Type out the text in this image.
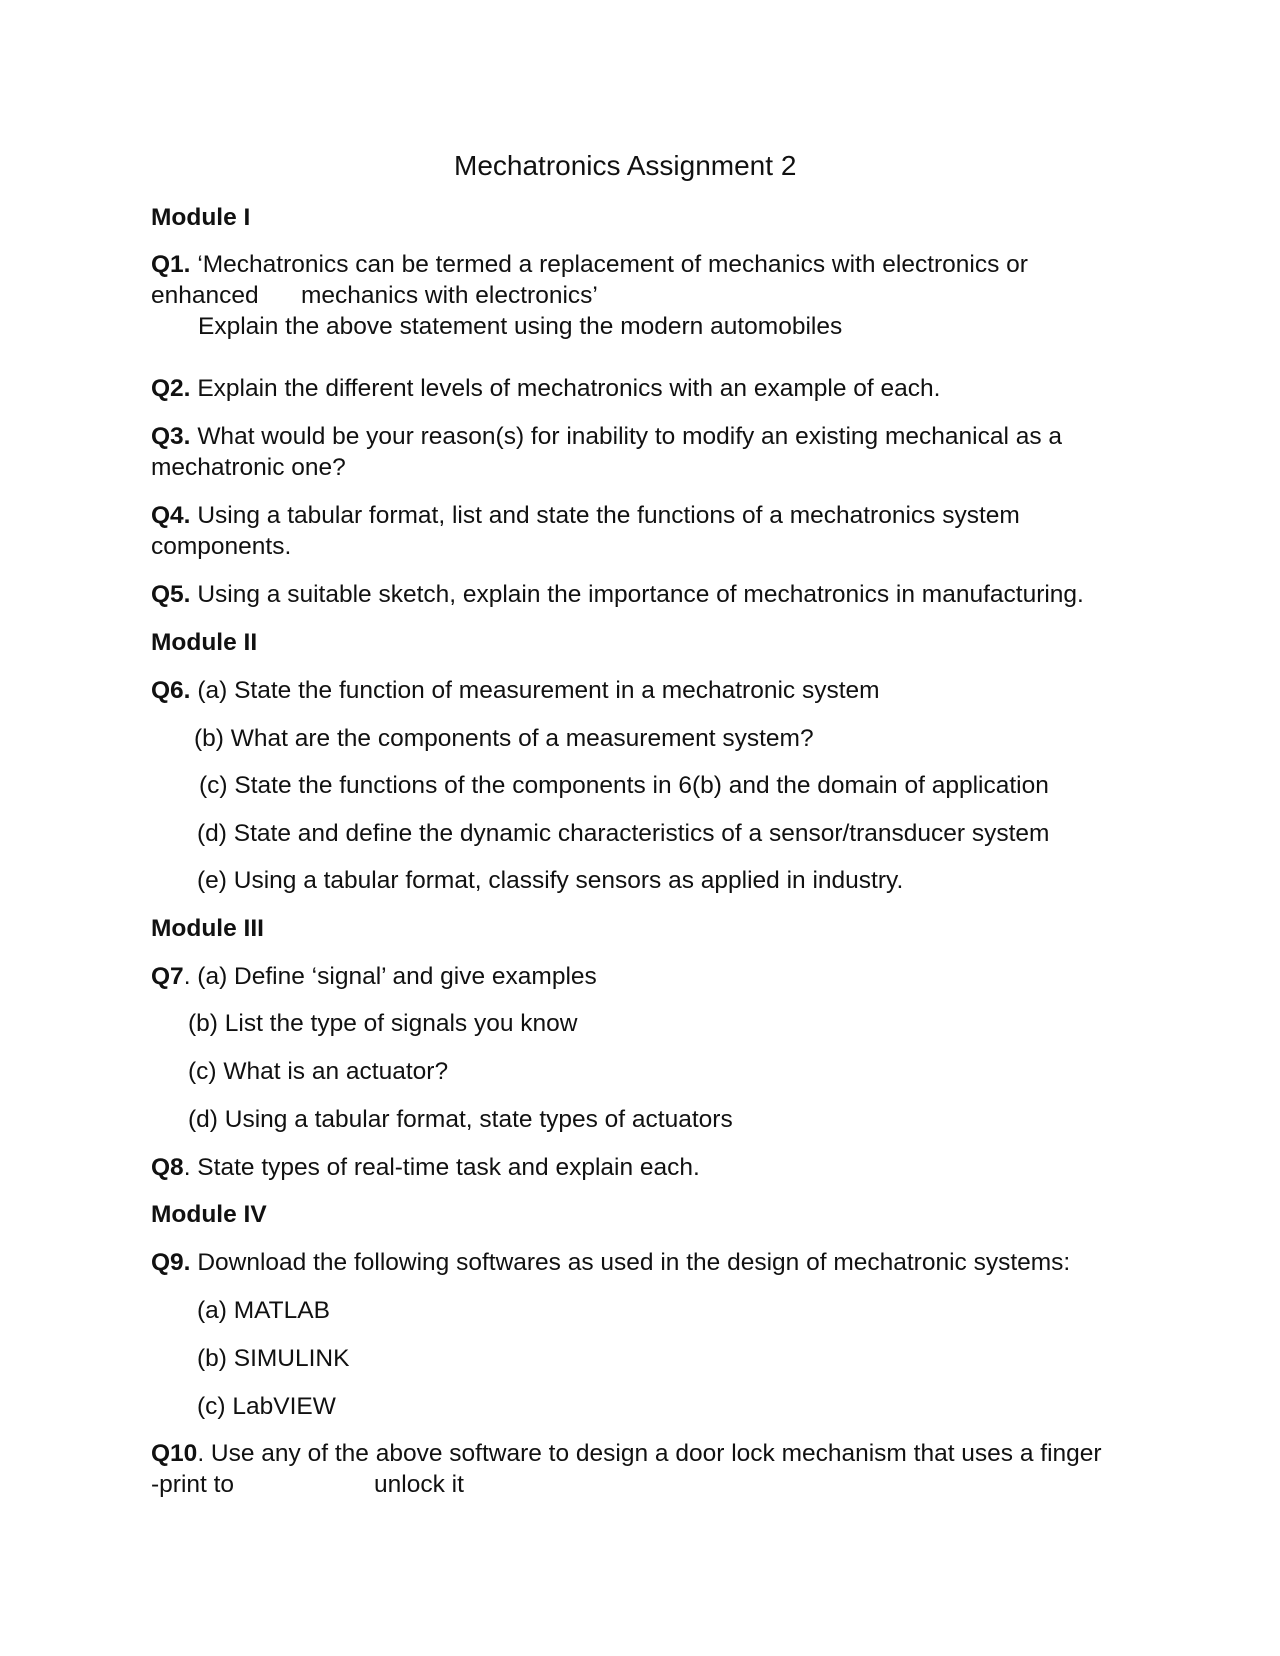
Mechatronics Assignment 2
Module I
Q1. ‘Mechatronics can be termed a replacement of mechanics with electronics or
enhanced mechanics with electronics’
Explain the above statement using the modern automobiles
Q2. Explain the different levels of mechatronics with an example of each.
Q3. What would be your reason(s) for inability to modify an existing mechanical as a
mechatronic one?
Q4. Using a tabular format, list and state the functions of a mechatronics system
components.
Q5. Using a suitable sketch, explain the importance of mechatronics in manufacturing.
Module II
Q6. (a) State the function of measurement in a mechatronic system
(b) What are the components of a measurement system?
(c) State the functions of the components in 6(b) and the domain of application
(d) State and define the dynamic characteristics of a sensor/transducer system
(e) Using a tabular format, classify sensors as applied in industry.
Module III
Q7. (a) Define ‘signal’ and give examples
(b) List the type of signals you know
(c) What is an actuator?
(d) Using a tabular format, state types of actuators
Q8. State types of real-time task and explain each.
Module IV
Q9. Download the following softwares as used in the design of mechatronic systems:
(a) MATLAB
(b) SIMULINK
(c) LabVIEW
Q10. Use any of the above software to design a door lock mechanism that uses a finger
-print to	unlock it
